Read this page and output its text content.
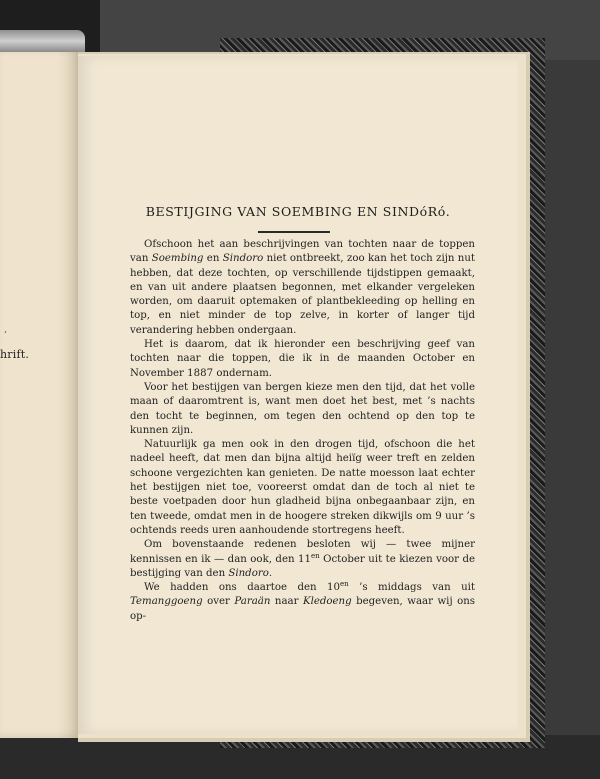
’
hrift.
BESTIJGING VAN SOEMBING EN SINDóRó.

Ofschoon het aan beschrijvingen van tochten naar de toppen van Soembing en Sindoro niet ontbreekt, zoo kan het toch zijn nut hebben, dat deze tochten, op verschillende tijdstippen gemaakt, en van uit andere plaatsen begonnen, met elkander vergeleken worden, om daaruit optemaken of plantbekleeding op helling en top, en niet minder de top zelve, in korter of langer tijd verandering hebben ondergaan.

Het is daarom, dat ik hieronder een beschrijving geef van tochten naar die toppen, die ik in de maanden October en November 1887 ondernam.

Voor het bestijgen van bergen kieze men den tijd, dat het volle maan of daaromtrent is, want men doet het best, met ’s nachts den tocht te beginnen, om tegen den ochtend op den top te kunnen zijn.

Natuurlijk ga men ook in den drogen tijd, ofschoon die het nadeel heeft, dat men dan bijna altijd heiïg weer treft en zelden schoone vergezichten kan genieten. De natte moesson laat echter het bestijgen niet toe, vooreerst omdat dan de toch al niet te beste voetpaden door hun gladheid bijna onbegaanbaar zijn, en ten tweede, omdat men in de hoogere streken dikwijls om 9 uur ’s ochtends reeds uren aanhoudende stortregens heeft.

Om bovenstaande redenen besloten wij — twee mijner kennissen en ik — dan ook, den $11^{en}$ October uit te kiezen voor de bestijging van den Sindoro.

We hadden ons daartoe den $10^{en}$ ’s middags van uit Temanggoeng over Paraän naar Kledoeng begeven, waar wij ons op-
